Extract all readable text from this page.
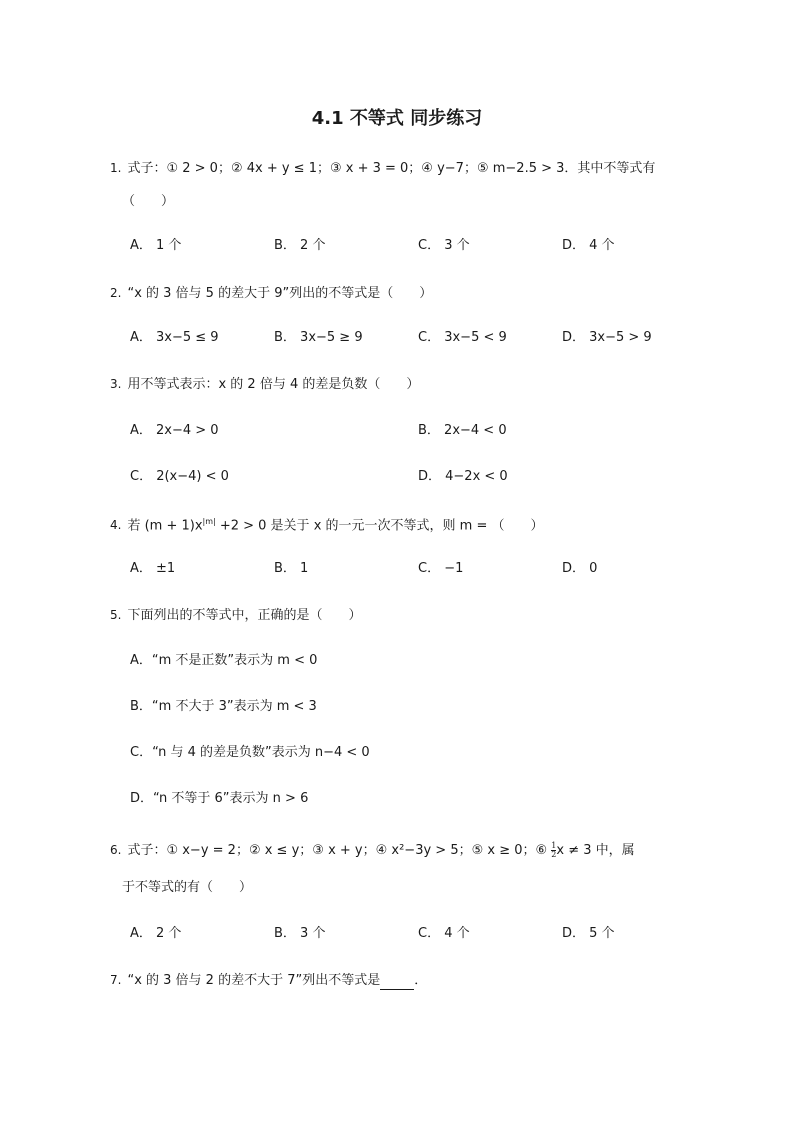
4.1 不等式 同步练习
1. 式子：① 2 > 0；② 4x + y ≤ 1；③ x + 3 = 0；④ y−7；⑤ m−2.5 > 3．其中不等式有
（　　）
A． 1 个	B． 2 个	C． 3 个	D． 4 个
2. “x 的 3 倍与 5 的差大于 9”列出的不等式是（　　）
A． 3x−5 ≤ 9	B． 3x−5 ≥ 9	C． 3x−5 < 9	D． 3x−5 > 9
3. 用不等式表示：x 的 2 倍与 4 的差是负数（　　）
A． 2x−4 > 0	B． 2x−4 < 0
C． 2(x−4) < 0	D． 4−2x < 0
4. 若 $(m + 1)x^{|m|} +2 > 0$ 是关于 x 的一元一次不等式，则 m = （　　）
A． ±1	B． 1	C． −1	D． 0
5. 下面列出的不等式中，正确的是（　　）
A．“m 不是正数”表示为 m < 0
B．“m 不大于 3”表示为 m < 3
C．“n 与 4 的差是负数”表示为 n−4 < 0
D．“n 不等于 6”表示为 n > 6
6. 式子：① x−y = 2；② x ≤ y；③ x + y；④ x²−3y > 5；⑤ x ≥ 0；⑥ $\frac{1}{2}$ x ≠ 3 中，属
于不等式的有（　　）
A． 2 个	B． 3 个	C． 4 个	D． 5 个
7. “x 的 3 倍与 2 的差不大于 7”列出不等式是	．
